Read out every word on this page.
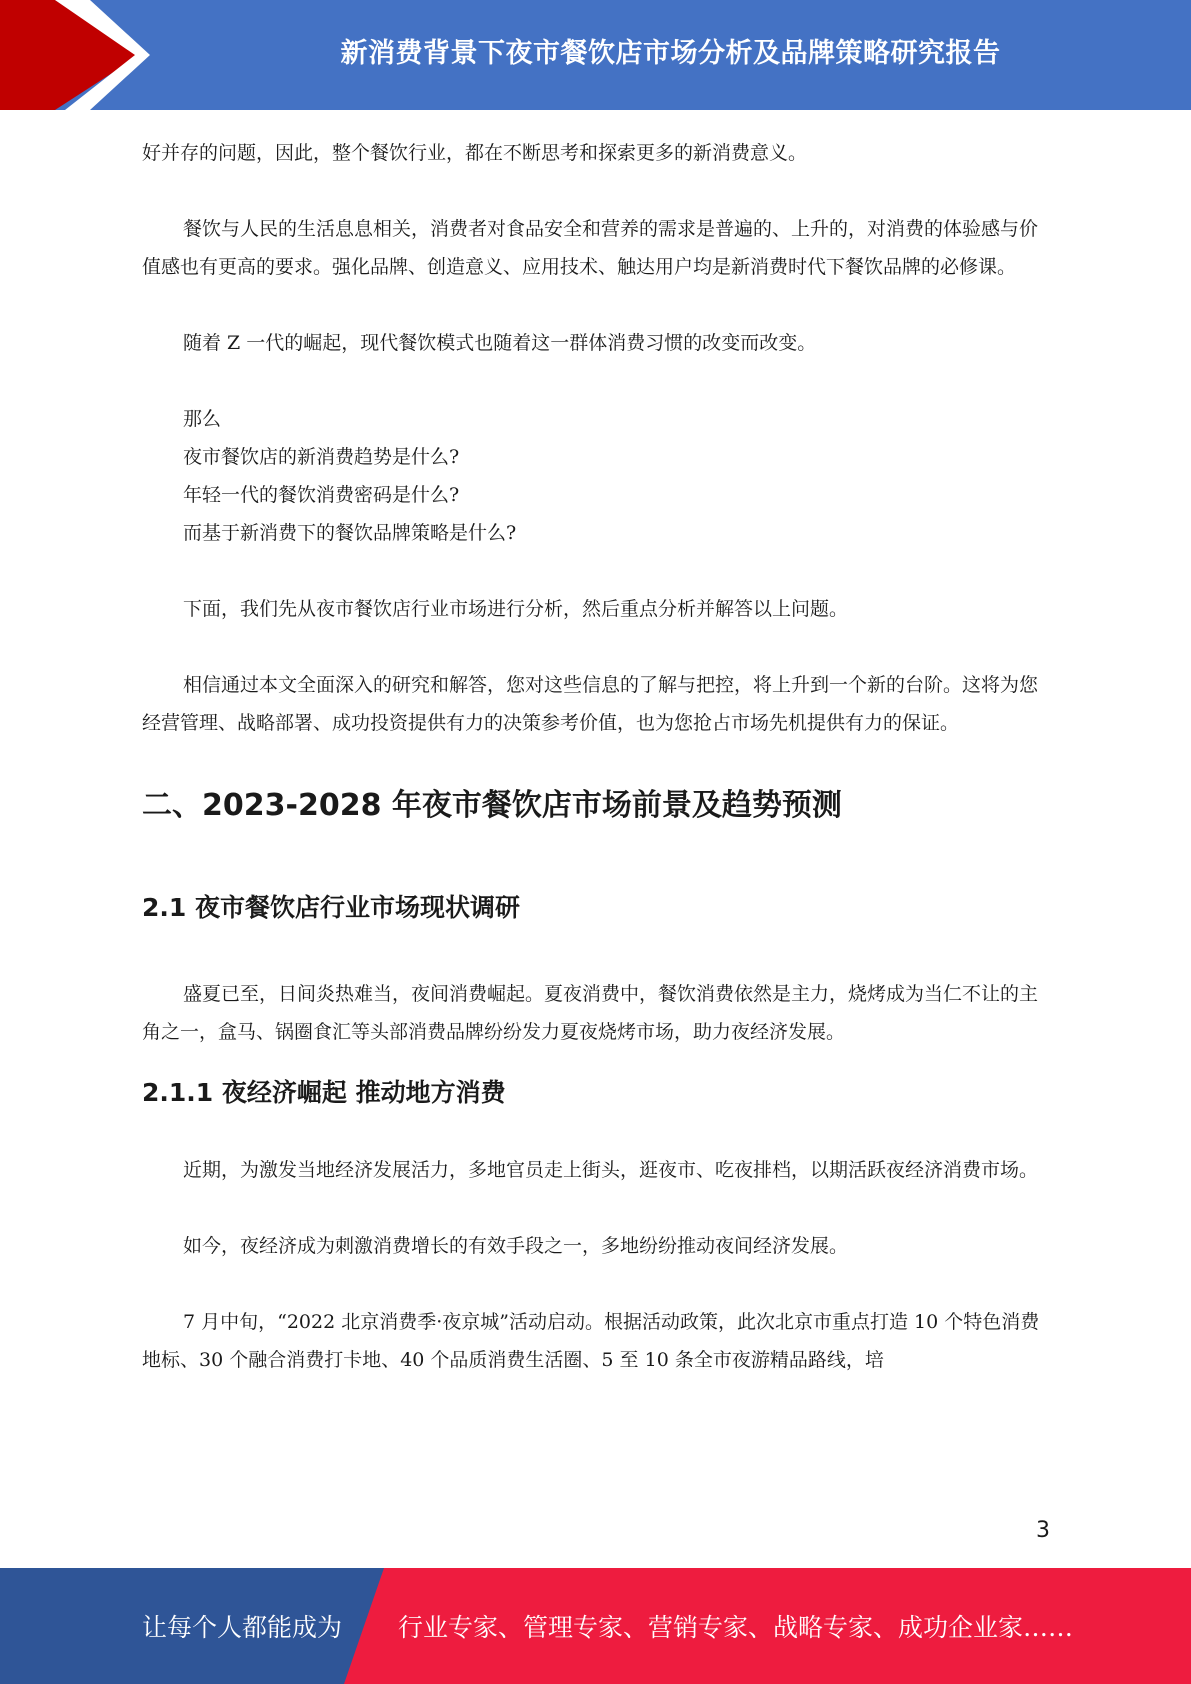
新消费背景下夜市餐饮店市场分析及品牌策略研究报告

好并存的问题，因此，整个餐饮行业，都在不断思考和探索更多的新消费意义。

餐饮与人民的生活息息相关，消费者对食品安全和营养的需求是普遍的、上升的，对消费的体验感与价值感也有更高的要求。强化品牌、创造意义、应用技术、触达用户均是新消费时代下餐饮品牌的必修课。

随着 Z 一代的崛起，现代餐饮模式也随着这一群体消费习惯的改变而改变。

那么

夜市餐饮店的新消费趋势是什么?

年轻一代的餐饮消费密码是什么?

而基于新消费下的餐饮品牌策略是什么?

下面，我们先从夜市餐饮店行业市场进行分析，然后重点分析并解答以上问题。

相信通过本文全面深入的研究和解答，您对这些信息的了解与把控，将上升到一个新的台阶。这将为您经营管理、战略部署、成功投资提供有力的决策参考价值，也为您抢占市场先机提供有力的保证。

二、2023-2028 年夜市餐饮店市场前景及趋势预测
2.1 夜市餐饮店行业市场现状调研

盛夏已至，日间炎热难当，夜间消费崛起。夏夜消费中，餐饮消费依然是主力，烧烤成为当仁不让的主角之一，盒马、锅圈食汇等头部消费品牌纷纷发力夏夜烧烤市场，助力夜经济发展。

2.1.1 夜经济崛起 推动地方消费

近期，为激发当地经济发展活力，多地官员走上街头，逛夜市、吃夜排档，以期活跃夜经济消费市场。

如今，夜经济成为刺激消费增长的有效手段之一，多地纷纷推动夜间经济发展。

7 月中旬，“2022 北京消费季·夜京城”活动启动。根据活动政策，此次北京市重点打造 10 个特色消费地标、30 个融合消费打卡地、40 个品质消费生活圈、5 至 10 条全市夜游精品路线，培

3
让每个人都能成为 行业专家、管理专家、营销专家、战略专家、成功企业家……
